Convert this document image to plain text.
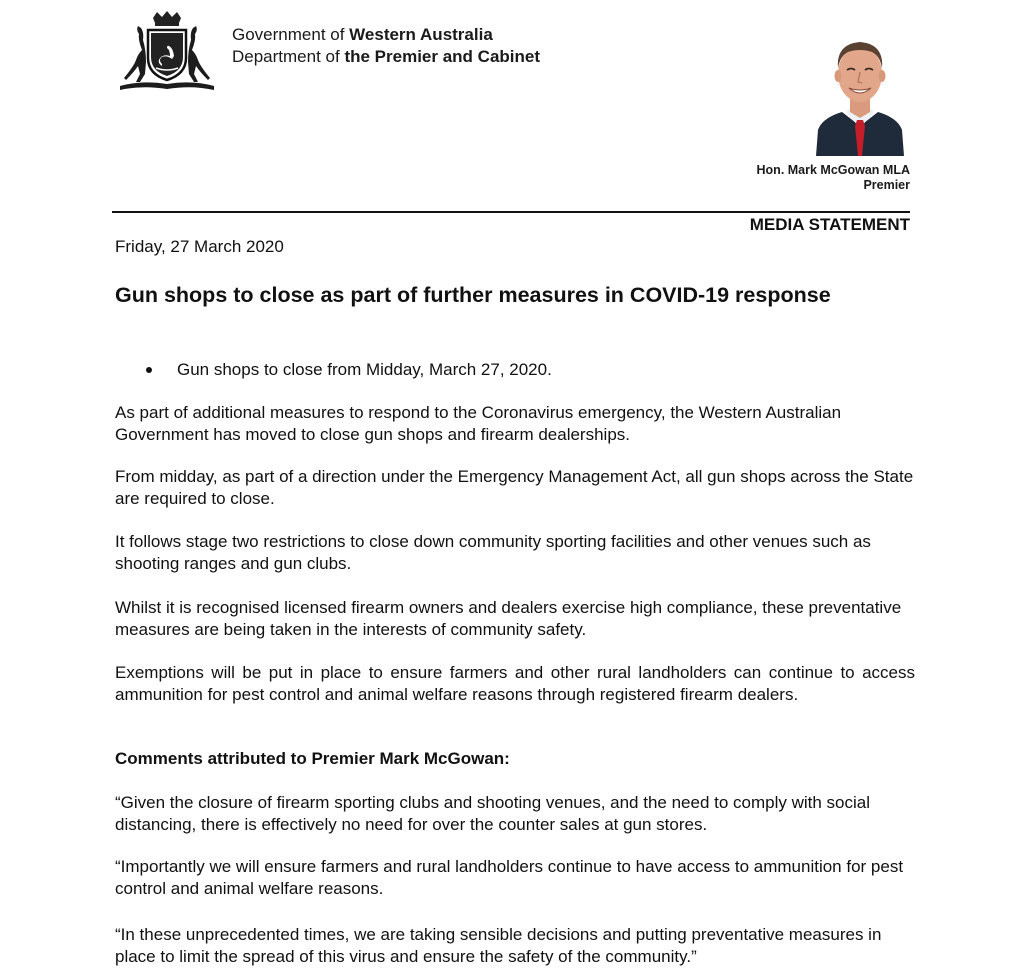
Government of Western Australia
Department of the Premier and Cabinet
Hon. Mark McGowan MLA
Premier
MEDIA STATEMENT
Friday, 27 March 2020
Gun shops to close as part of further measures in COVID-19 response
Gun shops to close from Midday, March 27, 2020.

As part of additional measures to respond to the Coronavirus emergency, the Western Australian Government has moved to close gun shops and firearm dealerships.

From midday, as part of a direction under the Emergency Management Act, all gun shops across the State are required to close.

It follows stage two restrictions to close down community sporting facilities and other venues such as shooting ranges and gun clubs.

Whilst it is recognised licensed firearm owners and dealers exercise high compliance, these preventative measures are being taken in the interests of community safety.

Exemptions will be put in place to ensure farmers and other rural landholders can continue to access ammunition for pest control and animal welfare reasons through registered firearm dealers.

Comments attributed to Premier Mark McGowan:

“Given the closure of firearm sporting clubs and shooting venues, and the need to comply with social distancing, there is effectively no need for over the counter sales at gun stores.

“Importantly we will ensure farmers and rural landholders continue to have access to ammunition for pest control and animal welfare reasons.

“In these unprecedented times, we are taking sensible decisions and putting preventative measures in place to limit the spread of this virus and ensure the safety of the community.”
